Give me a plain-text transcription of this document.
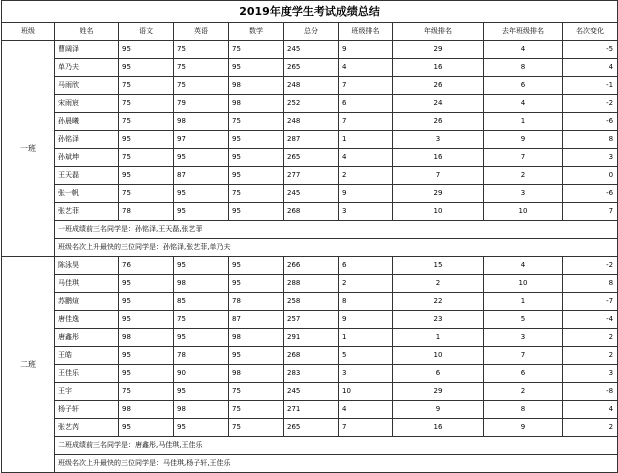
2019年度学生考试成绩总结									
班级	姓名	语文	英语	数学	总分	班级排名	年级排名	去年班级排名	名次变化
一班	曹阔泽	95	75	75	245	9	29	4	-5
	单乃夫	95	75	95	265	4	16	8	4
	马雨欣	75	75	98	248	7	26	6	-1
	宋雨宸	75	79	98	252	6	24	4	-2
	孙晨曦	75	98	75	248	7	26	1	-6
	孙铭泽	95	97	95	287	1	3	9	8
	孙斌坤	75	95	95	265	4	16	7	3
	王天磊	95	87	95	277	2	7	2	0
	张一帆	75	95	75	245	9	29	3	-6
	张艺菲	78	95	95	268	3	10	10	7
	一班成绩前三名同学是：孙铭泽,王天磊,张艺菲								
	班级名次上升最快的三位同学是：孙铭泽,张艺菲,单乃夫								
二班	陈泳昊	76	95	95	266	6	15	4	-2
	马佳琪	95	98	95	288	2	2	10	8
	苏鹏煊	95	85	78	258	8	22	1	-7
	唐佳逸	95	75	87	257	9	23	5	-4
	唐鑫彤	98	95	98	291	1	1	3	2
	王皓	95	78	95	268	5	10	7	2
	王佳乐	95	90	98	283	3	6	6	3
	王宇	75	95	75	245	10	29	2	-8
	杨子轩	98	98	75	271	4	9	8	4
	张艺芮	95	95	75	265	7	16	9	2
	二班成绩前三名同学是：唐鑫彤,马佳琪,王佳乐								
	班级名次上升最快的三位同学是：马佳琪,杨子轩,王佳乐								
